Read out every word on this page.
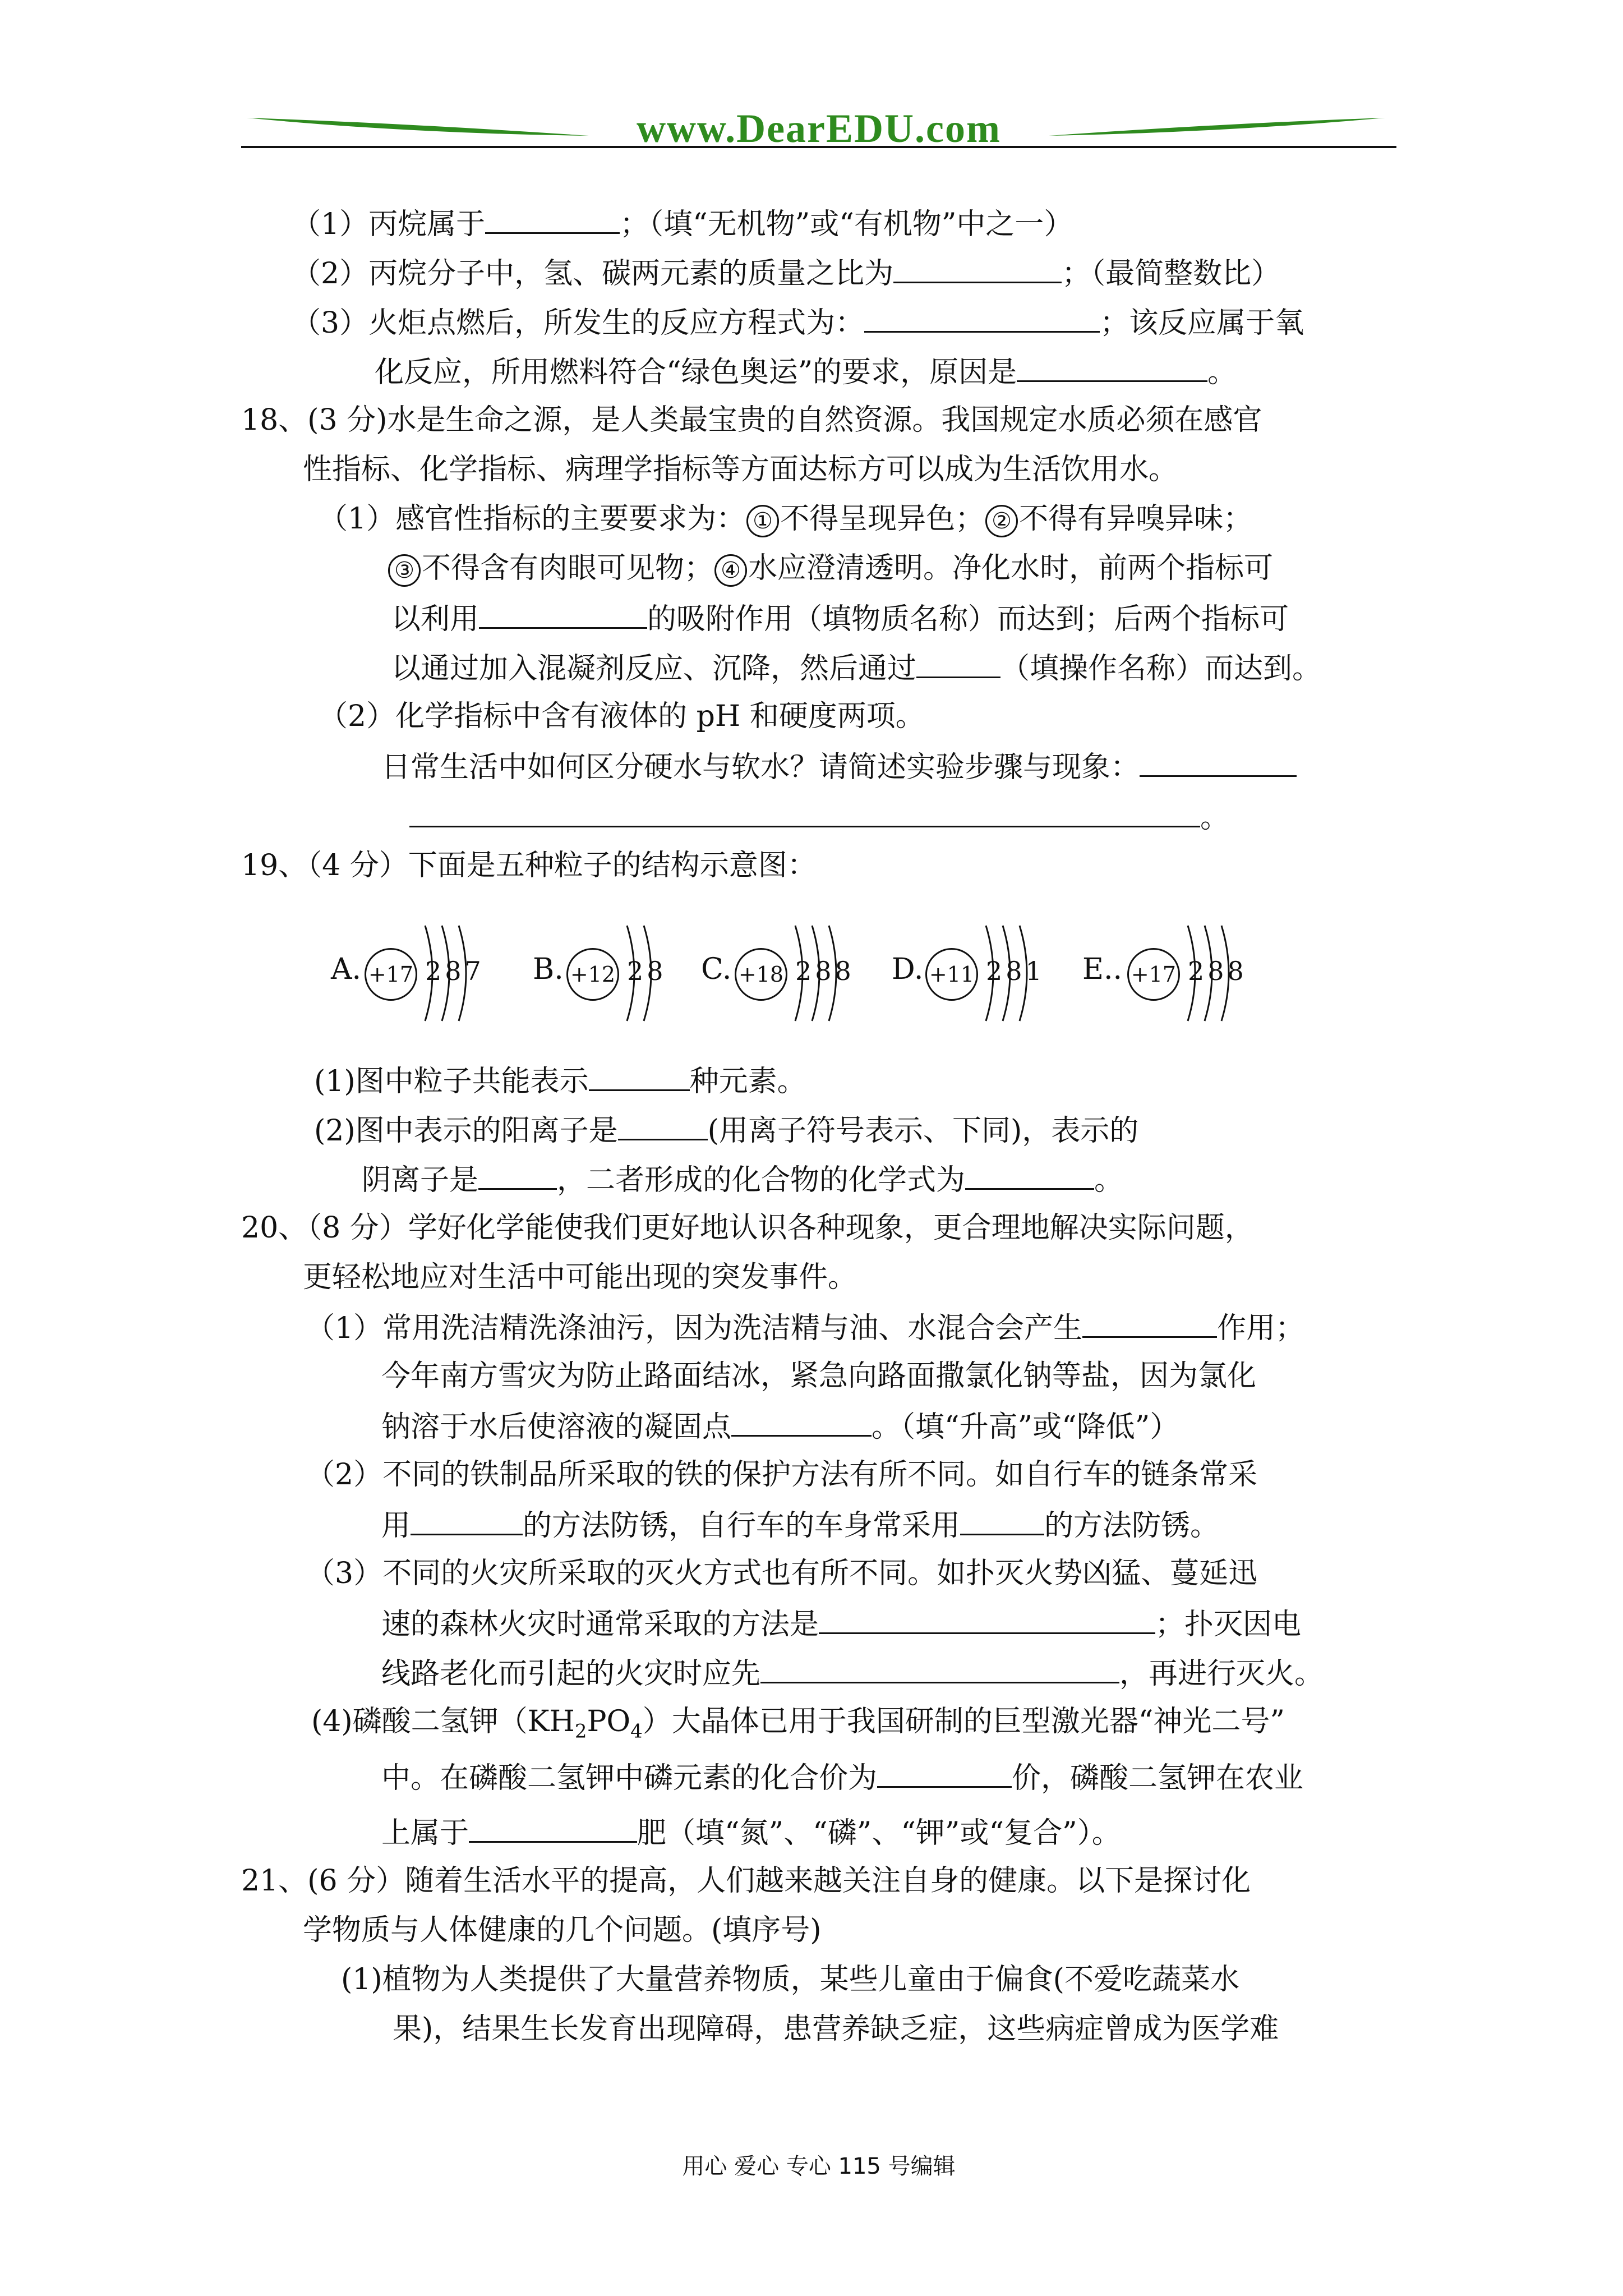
www.DearEDU.com
（1）丙烷属于	；（填“无机物”或“有机物”中之一）
（2）丙烷分子中，氢、碳两元素的质量之比为	；（最简整数比）
（3）火炬点燃后，所发生的反应方程式为：	；该反应属于氧
化反应，所用燃料符合“绿色奥运”的要求，原因是	。
18、(3 分)水是生命之源，是人类最宝贵的自然资源。我国规定水质必须在感官
性指标、化学指标、病理学指标等方面达标方可以成为生活饮用水。
（1）感官性指标的主要要求为： ① 不得呈现异色； ② 不得有异嗅异味；
③ 不得含有肉眼可见物； ④ 水应澄清透明。净化水时，前两个指标可
以利用	的吸附作用（填物质名称）而达到；后两个指标可
以通过加入混凝剂反应、沉降，然后通过	（填操作名称）而达到。
（2）化学指标中含有液体的 pH 和硬度两项。
日常生活中如何区分硬水与软水？请简述实验步骤与现象：
。
19、（4 分）下面是五种粒子的结构示意图：
A. +17 287 B. +12 28 C. +18 288 D. +11 281 E.. +17 288
(1)图中粒子共能表示	种元素。
(2)图中表示的阳离子是	(用离子符号表示、下同)，表示的
阴离子是	，二者形成的化合物的化学式为	。
20、（8 分）学好化学能使我们更好地认识各种现象，更合理地解决实际问题，
更轻松地应对生活中可能出现的突发事件。
（1）常用洗洁精洗涤油污，因为洗洁精与油、水混合会产生	作用；
今年南方雪灾为防止路面结冰，紧急向路面撒氯化钠等盐，因为氯化
钠溶于水后使溶液的凝固点	。（填“升高”或“降低”）
（2）不同的铁制品所采取的铁的保护方法有所不同。如自行车的链条常采
用	的方法防锈，自行车的车身常采用	的方法防锈。
（3）不同的火灾所采取的灭火方式也有所不同。如扑灭火势凶猛、蔓延迅
速的森林火灾时通常采取的方法是	；扑灭因电
线路老化而引起的火灾时应先	，再进行灭火。
(4)磷酸二氢钾$(KH_2PO_4)$大晶体已用于我国研制的巨型激光器“神光二号”
中。在磷酸二氢钾中磷元素的化合价为	价，磷酸二氢钾在农业
上属于	肥（填“氮”、“磷”、“钾”或“复合”）。
21、(6 分）随着生活水平的提高，人们越来越关注自身的健康。以下是探讨化
学物质与人体健康的几个问题。(填序号)
(1)植物为人类提供了大量营养物质，某些儿童由于偏食(不爱吃蔬菜水
果)，结果生长发育出现障碍，患营养缺乏症，这些病症曾成为医学难
用心 爱心 专心 115 号编辑
